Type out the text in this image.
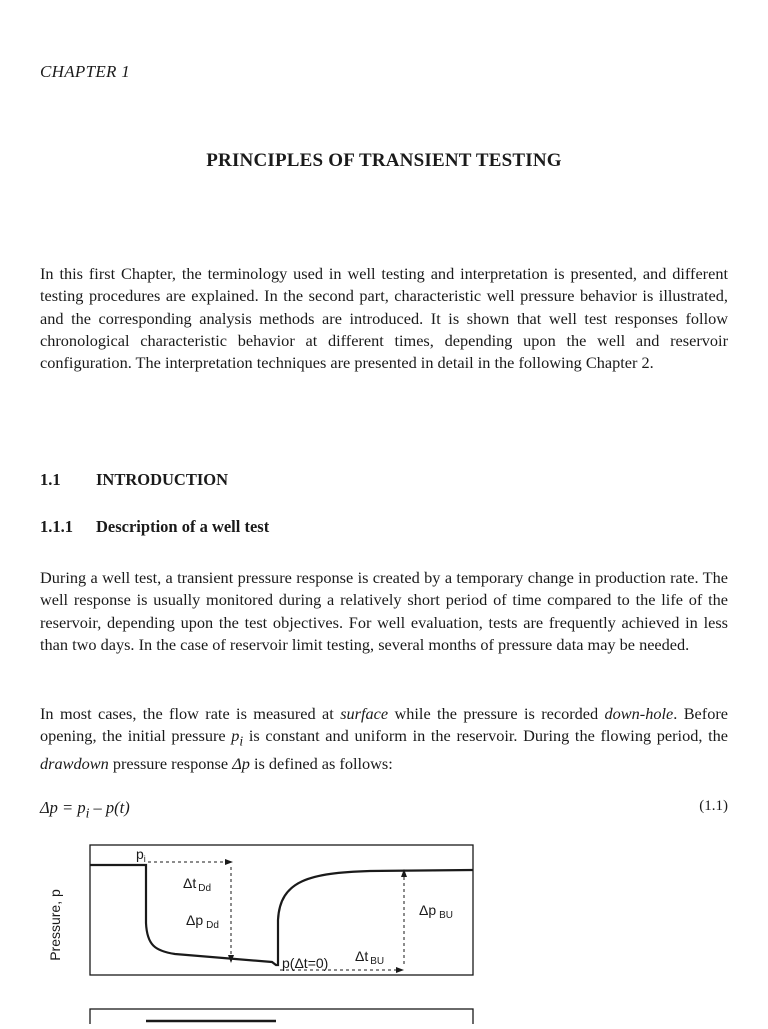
CHAPTER 1
PRINCIPLES OF TRANSIENT TESTING

In this first Chapter, the terminology used in well testing and interpretation is presented, and different testing procedures are explained. In the second part, characteristic well pressure behavior is illustrated, and the corresponding analysis methods are introduced. It is shown that well test responses follow chronological characteristic behavior at different times, depending upon the well and reservoir configuration. The interpretation techniques are presented in detail in the following Chapter 2.

1.1 INTRODUCTION
1.1.1 Description of a well test

During a well test, a transient pressure response is created by a temporary change in production rate. The well response is usually monitored during a relatively short period of time compared to the life of the reservoir, depending upon the test objectives. For well evaluation, tests are frequently achieved in less than two days. In the case of reservoir limit testing, several months of pressure data may be needed.

In most cases, the flow rate is measured at surface while the pressure is recorded down-hole. Before opening, the initial pressure $p_i$ is constant and uniform in the reservoir. During the flowing period, the drawdown pressure response Δp is defined as follows:

$\Delta p = p_i - p(t)$	(1.1)
Pressure, p
$p_i$
Δt $_{Dd}$
Δp $_{Dd}$
Δp $_{BU}$
p(Δt=0) Δt $_{BU}$
